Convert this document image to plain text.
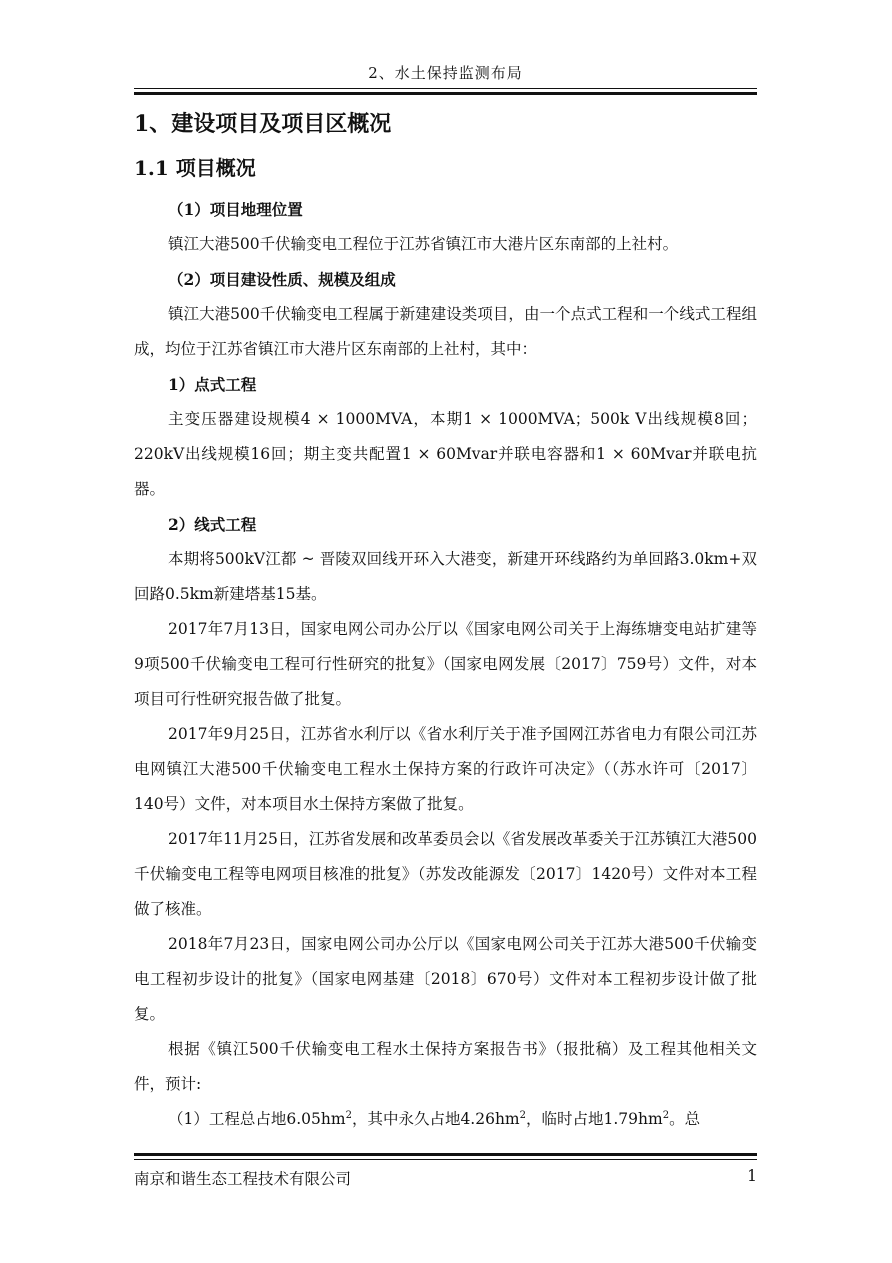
2、水土保持监测布局
1、建设项目及项目区概况
1.1 项目概况

（1）项目地理位置

镇江大港500千伏输变电工程位于江苏省镇江市大港片区东南部的上社村。

（2）项目建设性质、规模及组成

镇江大港500千伏输变电工程属于新建建设类项目，由一个点式工程和一个线式工程组成，均位于江苏省镇江市大港片区东南部的上社村，其中：

1）点式工程

主变压器建设规模4 × 1000MVA，本期1 × 1000MVA；500k V出线规模8回；220kV出线规模16回；期主变共配置1 × 60Mvar并联电容器和1 × 60Mvar并联电抗器。

2）线式工程

本期将500kV江都 ~ 晋陵双回线开环入大港变，新建开环线路约为单回路3.0km+双回路0.5km新建塔基15基。

2017年7月13日，国家电网公司办公厅以《国家电网公司关于上海练塘变电站扩建等9项500千伏输变电工程可行性研究的批复》（国家电网发展〔2017〕759号）文件，对本项目可行性研究报告做了批复。

2017年9月25日，江苏省水利厅以《省水利厅关于准予国网江苏省电力有限公司江苏电网镇江大港500千伏输变电工程水土保持方案的行政许可决定》（（苏水许可〔2017〕140号）文件，对本项目水土保持方案做了批复。

2017年11月25日，江苏省发展和改革委员会以《省发展改革委关于江苏镇江大港500千伏输变电工程等电网项目核准的批复》（苏发改能源发〔2017〕1420号）文件对本工程做了核准。

2018年7月23日，国家电网公司办公厅以《国家电网公司关于江苏大港500千伏输变电工程初步设计的批复》（国家电网基建〔2018〕670号）文件对本工程初步设计做了批复。

根据《镇江500千伏输变电工程水土保持方案报告书》（报批稿）及工程其他相关文件，预计:

（1）工程总占地$6.05hm^2$，其中永久占地$4.26hm^2$，临时占地$1.79hm^2$。总

南京和谐生态工程技术有限公司	1
